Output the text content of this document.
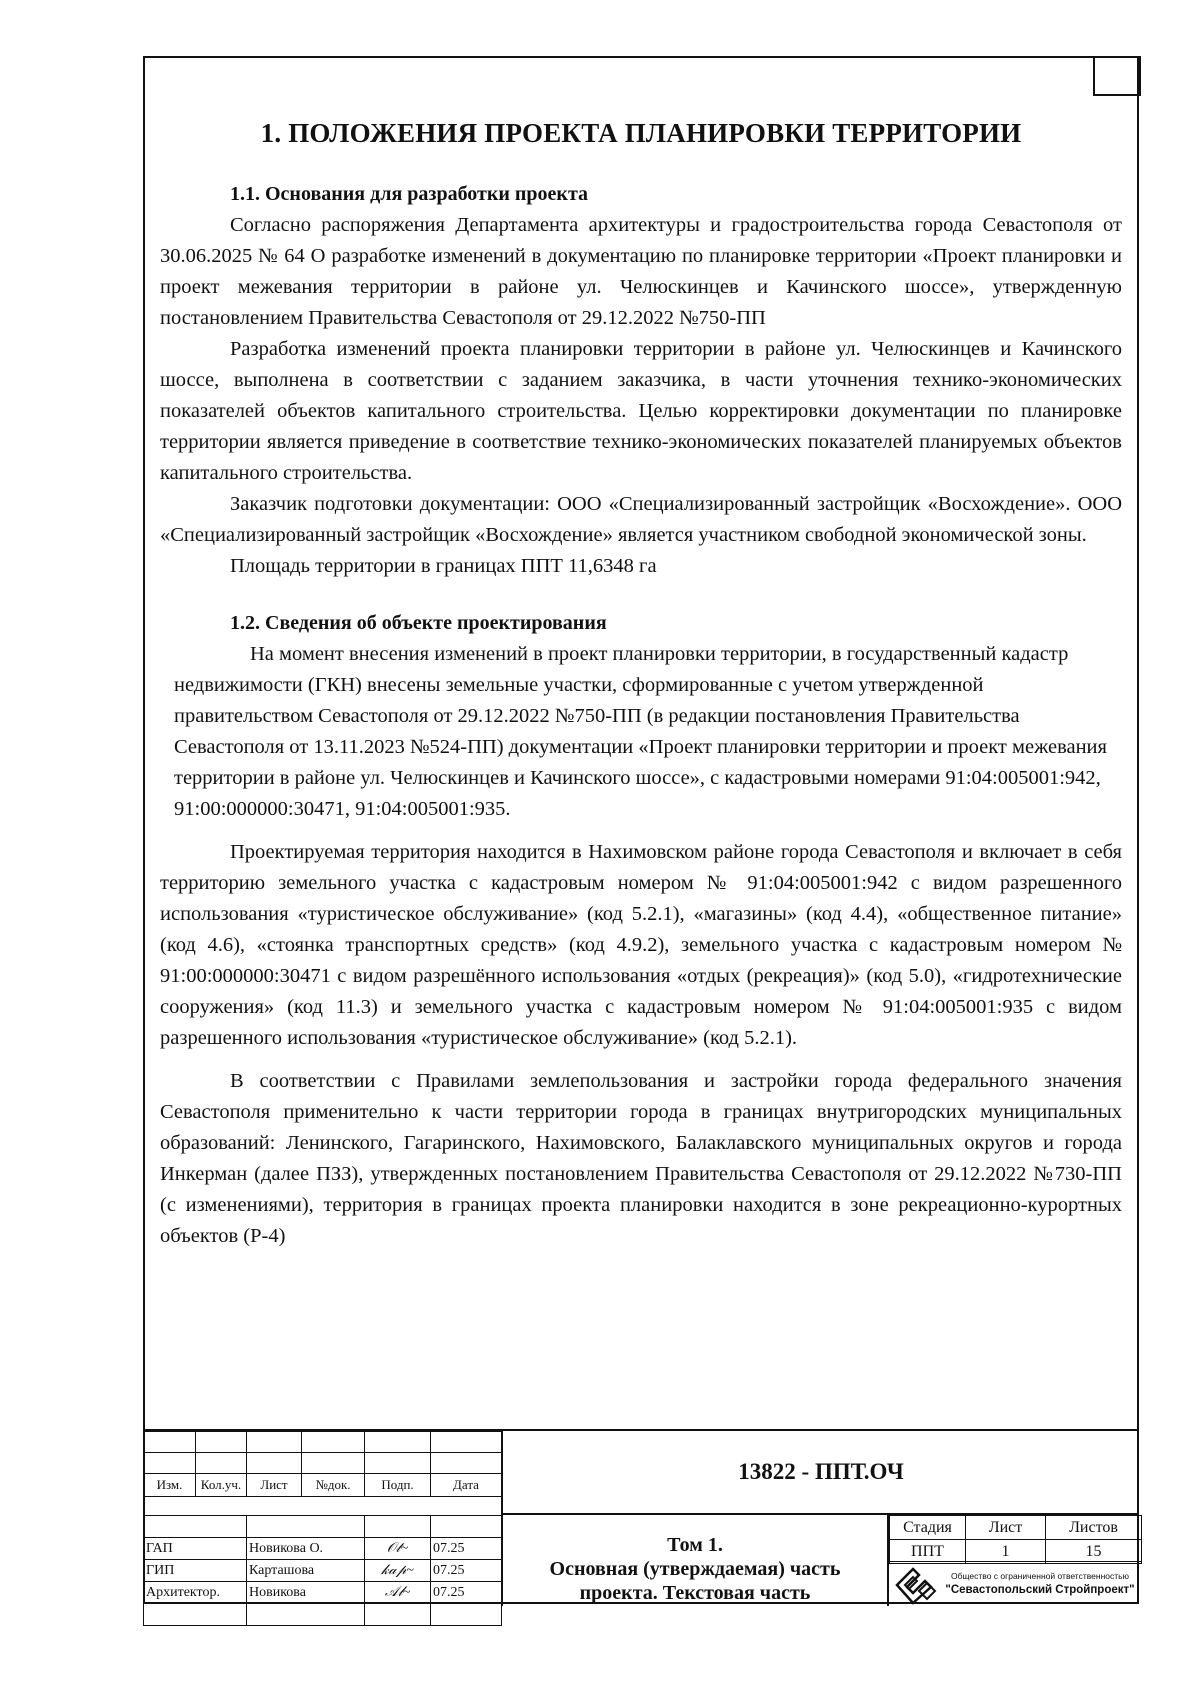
1. ПОЛОЖЕНИЯ ПРОЕКТА ПЛАНИРОВКИ ТЕРРИТОРИИ
1.1. Основания для разработки проекта

Согласно распоряжения Департамента архитектуры и градостроительства города Севастополя от 30.06.2025 № 64 О разработке изменений в документацию по планировке территории «Проект планировки и проект межевания территории в районе ул. Челюскинцев и Качинского шоссе», утвержденную постановлением Правительства Севастополя от 29.12.2022 №750-ПП

Разработка изменений проекта планировки территории в районе ул. Челюскинцев и Качинского шоссе, выполнена в соответствии с заданием заказчика, в части уточнения технико-экономических показателей объектов капитального строительства. Целью корректировки документации по планировке территории является приведение в соответствие технико-экономических показателей планируемых объектов капитального строительства.

Заказчик подготовки документации: ООО «Специализированный застройщик «Восхождение». ООО «Специализированный застройщик «Восхождение» является участником свободной экономической зоны.

Площадь территории в границах ППТ 11,6348 га

1.2. Сведения об объекте проектирования

На момент внесения изменений в проект планировки территории, в государственный кадастр недвижимости (ГКН) внесены земельные участки, сформированные с учетом утвержденной правительством Севастополя от 29.12.2022 №750-ПП (в редакции постановления Правительства Севастополя от 13.11.2023 №524-ПП) документации «Проект планировки территории и проект межевания территории в районе ул. Челюскинцев и Качинского шоссе», с кадастровыми номерами 91:04:005001:942, 91:00:000000:30471, 91:04:005001:935.

Проектируемая территория находится в Нахимовском районе города Севастополя и включает в себя территорию земельного участка с кадастровым номером № 91:04:005001:942 с видом разрешенного использования «туристическое обслуживание» (код 5.2.1), «магазины» (код 4.4), «общественное питание» (код 4.6), «стоянка транспортных средств» (код 4.9.2), земельного участка с кадастровым номером № 91:00:000000:30471 с видом разрешённого использования «отдых (рекреация)» (код 5.0), «гидротехнические сооружения» (код 11.3) и земельного участка с кадастровым номером № 91:04:005001:935 с видом разрешенного использования «туристическое обслуживание» (код 5.2.1).

В соответствии с Правилами землепользования и застройки города федерального значения Севастополя применительно к части территории города в границах внутригородских муниципальных образований: Ленинского, Гагаринского, Нахимовского, Балаклавского муниципальных округов и города Инкерман (далее ПЗЗ), утвержденных постановлением Правительства Севастополя от 29.12.2022 №730-ПП (с изменениями), территория в границах проекта планировки находится в зоне рекреационно-курортных объектов (Р-4)

Изм.	Кол.уч.	Лист	№док.	Подп.	Дата

ГАП	Новикова О.	𝒪𝓉~	07.25
ГИП	Карташова	𝓀𝒶𝓅~	07.25
Архитектор.	Новикова	𝒜𝓁~	07.25

13822 - ППТ.ОЧ
Том 1.
Основная (утверждаемая) часть
проекта. Текстовая часть
Стадия	Лист	Листов
ППТ	1	15
Общество с ограниченной ответственностью
"Севастопольский Стройпроект"
